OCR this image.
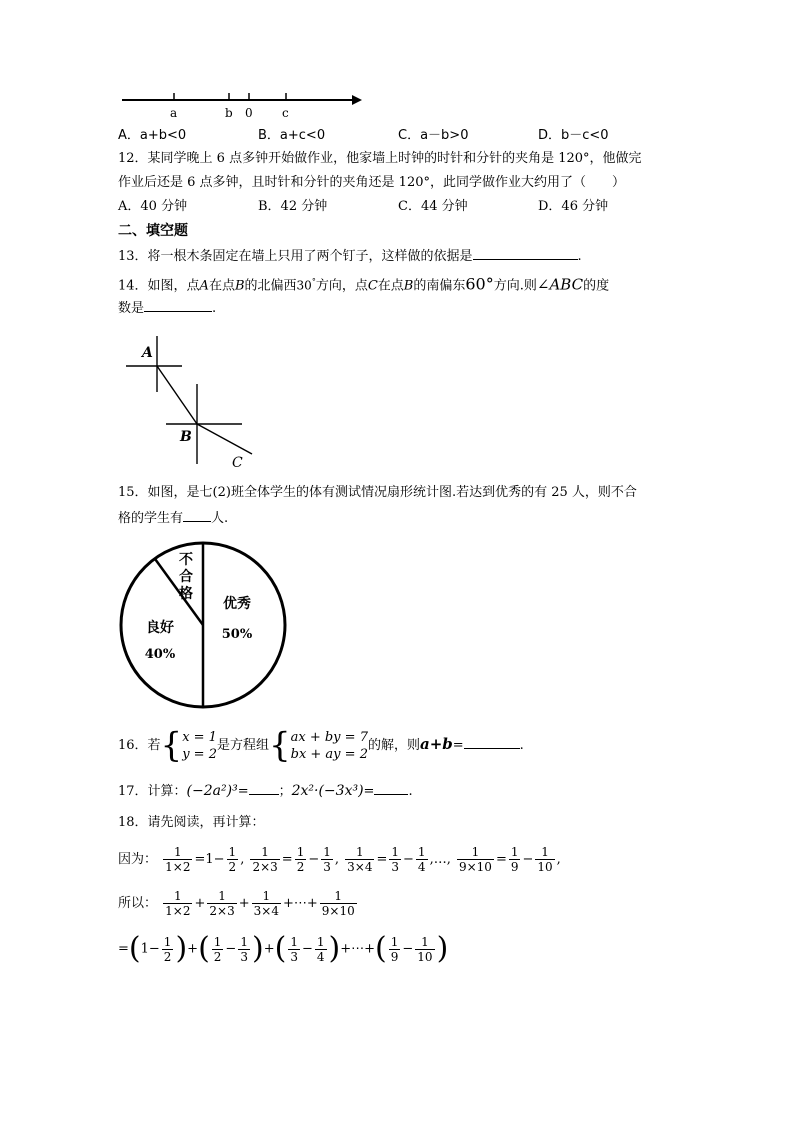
a	b 0 c
A．a+b<0	B．a+c<0	C．a－b>0	D．b－c<0
12．某同学晚上 6 点多钟开始做作业，他家墙上时钟的时针和分针的夹角是 120°，他做完
作业后还是 6 点多钟，且时针和分针的夹角还是 120°，此同学做作业大约用了（　　）
A．40 分钟	B．42 分钟	C．44 分钟	D．46 分钟
二、填空题
13．将一根木条固定在墙上只用了两个钉子，这样做的依据是	.
14．如图，点A在点B的北偏西30°方向，点C在点B的南偏东60°方向.则∠ABC的度
数是	.
A
B
C
15．如图，是七(2)班全体学生的体有测试情况扇形统计图.若达到优秀的有 25 人，则不合
格的学生有 人.
优秀
50%
良好
40%
不
合
格
16．若{ x = 1
y = 2
是方程组{ ax + by = 7
bx + ay = 2
的解，则a+b=	.
17．计算：(−2a²)³= ；2x²·(−3x³)=	.
18．请先阅读，再计算：
因为： $\frac{1}{1\times 2} =1- \frac{1}{2}$ , $\frac{1}{2\times 3} = \frac{1}{2} - \frac{1}{3}$ , $\frac{1}{3\times 4} = \frac{1}{3} - \frac{1}{4}$ ,…, $\frac{1}{9\times 10} = \frac{1}{9} - \frac{1}{10}$ ,
所以： $\frac{1}{1\times 2} + \frac{1}{2\times 3} + \frac{1}{3\times 4}$ +⋯+ $\frac{1}{9\times 10}$
$=(1- \frac{1}{2}$ )+( $\frac{1}{2} - \frac{1}{3}$ )+( $\frac{1}{3} - \frac{1}{4}$ )+⋯+( $\frac{1}{9} - \frac{1}{10}$ )
